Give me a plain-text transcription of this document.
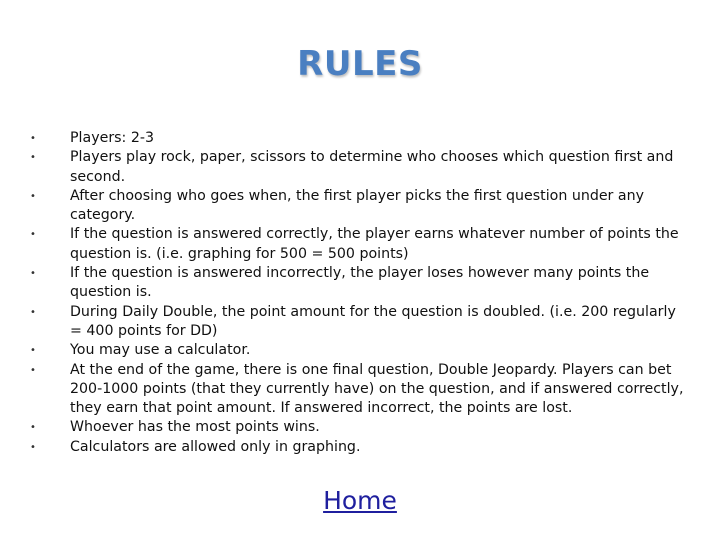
RULES
• Players: 2-3
• Players play rock, paper, scissors to determine who chooses which question first and second.
• After choosing who goes when, the first player picks the first question under any category.
• If the question is answered correctly, the player earns whatever number of points the question is. (i.e. graphing for 500 = 500 points)
• If the question is answered incorrectly, the player loses however many points the question is.
• During Daily Double, the point amount for the question is doubled. (i.e. 200 regularly = 400 points for DD)
• You may use a calculator.
• At the end of the game, there is one final question, Double Jeopardy. Players can bet 200-1000 points (that they currently have) on the question, and if answered correctly, they earn that point amount. If answered incorrect, the points are lost.
• Whoever has the most points wins.
• Calculators are allowed only in graphing.
Home
